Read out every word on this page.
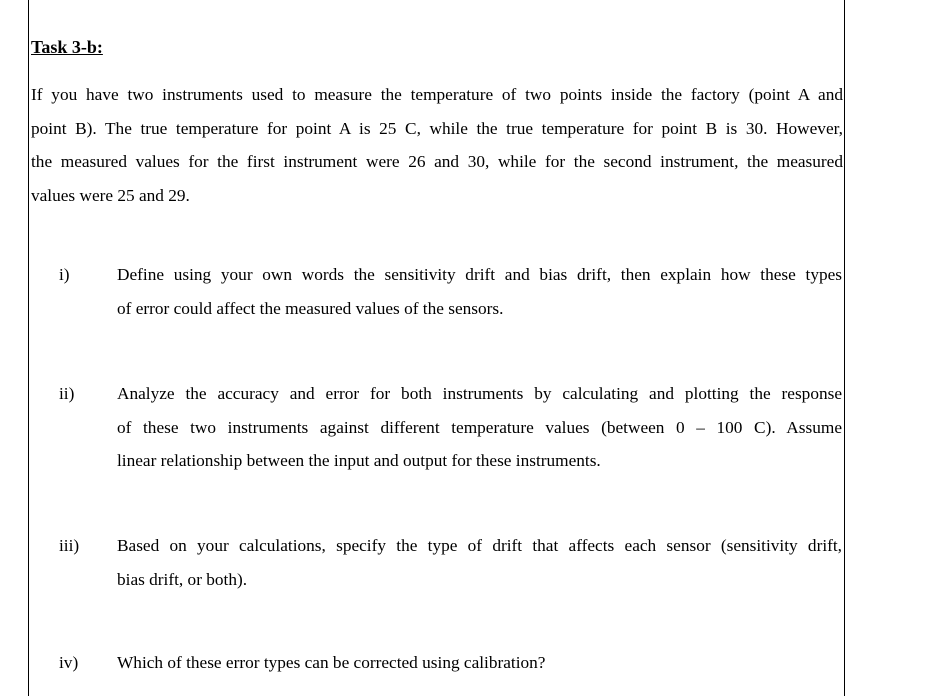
Task 3-b:
If you have two instruments used to measure the temperature of two points inside the factory (point A and
point B). The true temperature for point A is 25 C, while the true temperature for point B is 30. However,
the measured values for the first instrument were 26 and 30, while for the second instrument, the measured
values were 25 and 29.
i)	Define using your own words the sensitivity drift and bias drift, then explain how these types
of error could affect the measured values of the sensors.
ii) Analyze the accuracy and error for both instruments by calculating and plotting the response
of these two instruments against different temperature values (between 0 – 100 C). Assume
linear relationship between the input and output for these instruments.
iii) Based on your calculations, specify the type of drift that affects each sensor (sensitivity drift,
bias drift, or both).
iv) Which of these error types can be corrected using calibration?
